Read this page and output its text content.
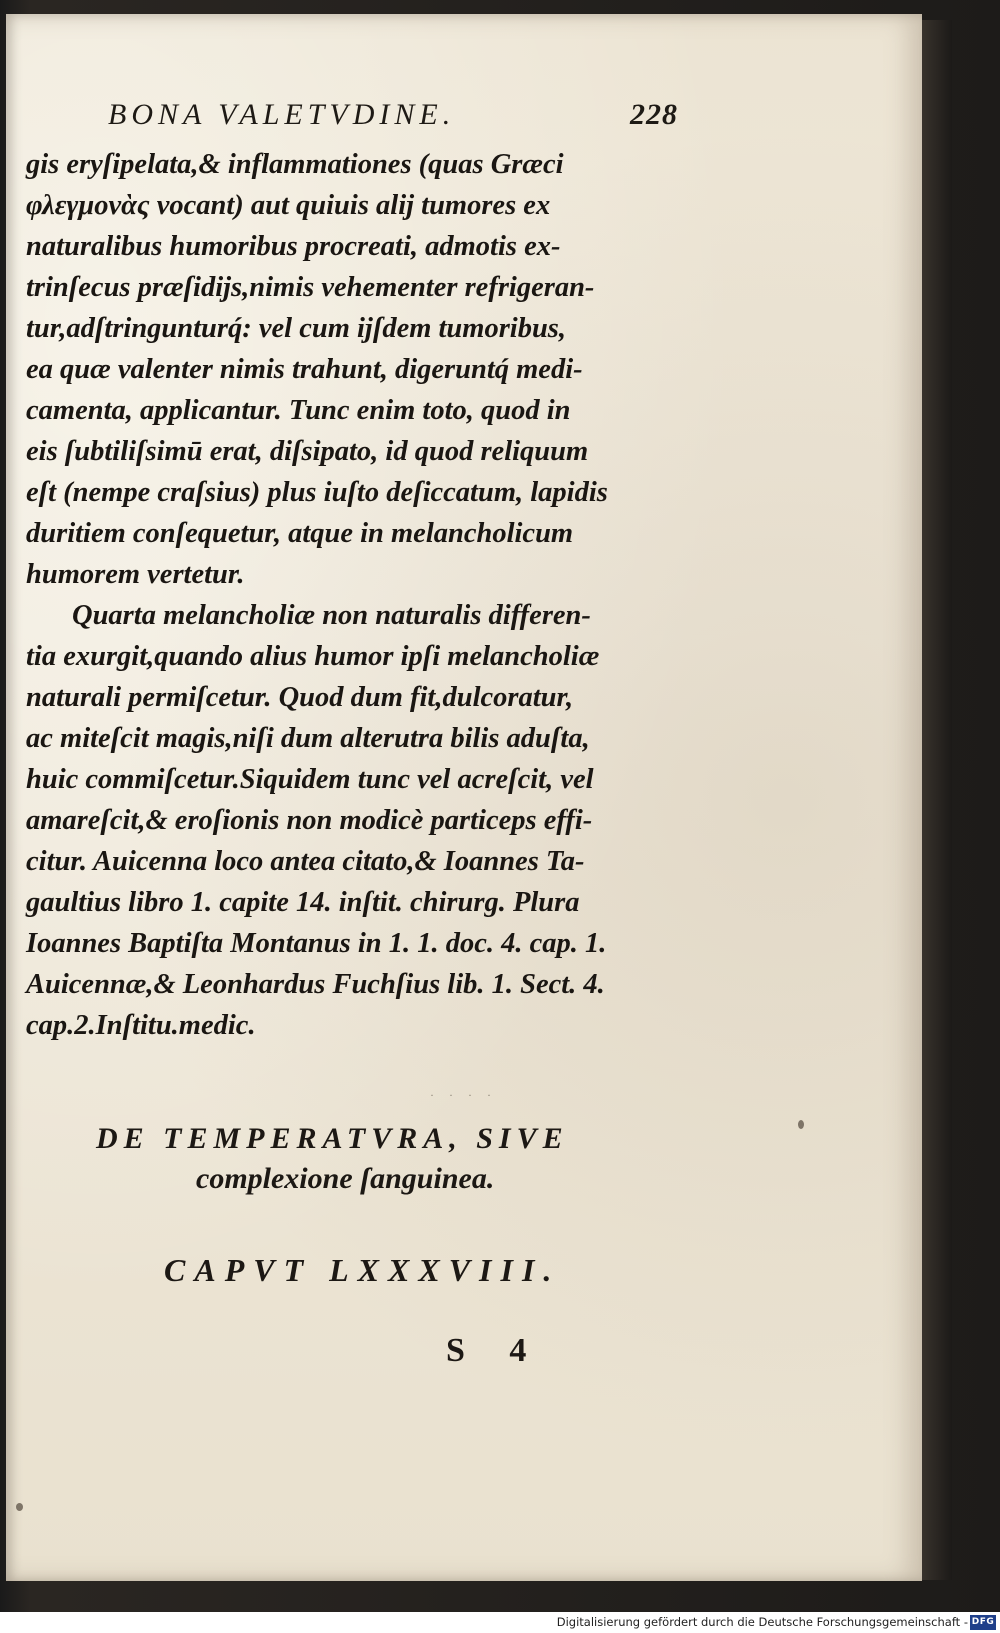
BONA VALETVDINE.	228
gis eryſipelata,& inflammationes (quas Græci
φλεγμονὰς vocant) aut quiuis alij tumores ex
naturalibus humoribus procreati, admotis ex-
trinſecus præſidijs,nimis vehementer refrigeran-
tur,adſtringunturq́: vel cum ijſdem tumoribus,
ea quæ valenter nimis trahunt, digeruntq́ medi-
camenta, applicantur. Tunc enim toto, quod in
eis ſubtiliſsimū erat, diſsipato, id quod reliquum
eſt (nempe craſsius) plus iuſto deſiccatum, lapidis
duritiem conſequetur, atque in melancholicum
humorem vertetur.
Quarta melancholiæ non naturalis differen-
tia exurgit,quando alius humor ipſi melancholiæ
naturali permiſcetur. Quod dum fit,dulcoratur,
ac miteſcit magis,niſi dum alterutra bilis aduſta,
huic commiſcetur.Siquidem tunc vel acreſcit, vel
amareſcit,& eroſionis non modicè particeps effi-
citur. Auicenna loco antea citato,& Ioannes Ta-
gaultius libro 1. capite 14. inſtit. chirurg. Plura
Ioannes Baptiſta Montanus in 1. 1. doc. 4. cap. 1.
Auicennæ,& Leonhardus Fuchſius lib. 1. Sect. 4.
cap.2.Inſtitu.medic.
· · · ·
DE TEMPERATVRA, SIVE
complexione ſanguinea.
CAPVT LXXXVIII.
S 4
Digitalisierung gefördert durch die Deutsche Forschungsgemeinschaft - DFG
